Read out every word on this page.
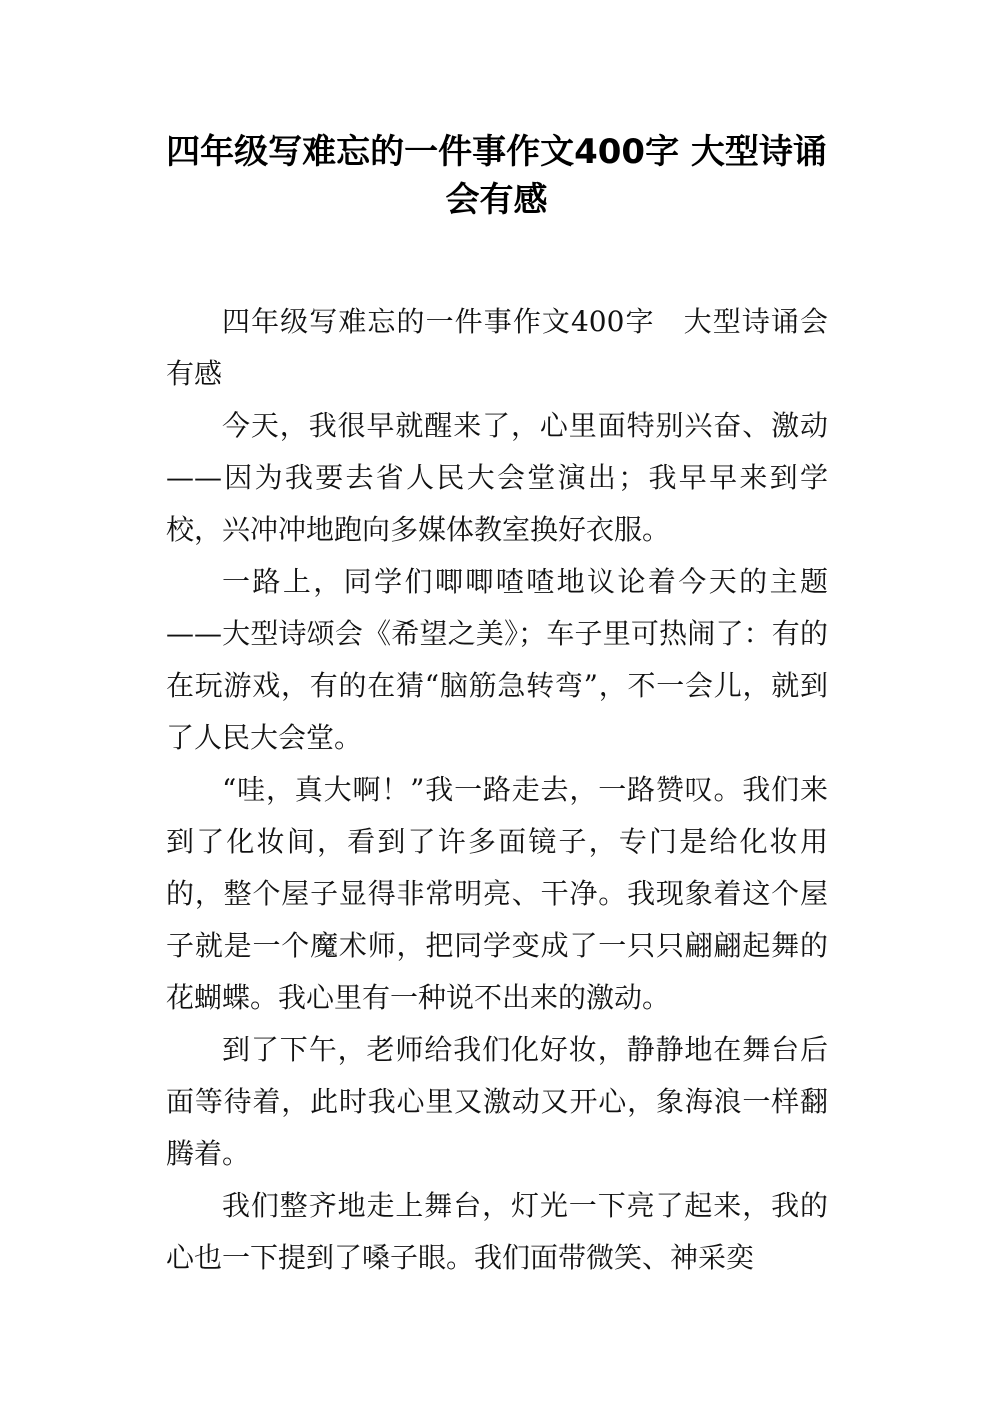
四年级写难忘的一件事作文400字 大型诗诵会有感

四年级写难忘的一件事作文400字　大型诗诵会有感

今天，我很早就醒来了，心里面特别兴奋、激动——因为我要去省人民大会堂演出；我早早来到学校，兴冲冲地跑向多媒体教室换好衣服。

一路上，同学们唧唧喳喳地议论着今天的主题——大型诗颂会《希望之美》；车子里可热闹了：有的在玩游戏，有的在猜“脑筋急转弯”，不一会儿，就到了人民大会堂。

“哇，真大啊！”我一路走去，一路赞叹。我们来到了化妆间，看到了许多面镜子，专门是给化妆用的，整个屋子显得非常明亮、干净。我现象着这个屋子就是一个魔术师，把同学变成了一只只翩翩起舞的花蝴蝶。我心里有一种说不出来的激动。

到了下午，老师给我们化好妆，静静地在舞台后面等待着，此时我心里又激动又开心，象海浪一样翻腾着。

我们整齐地走上舞台，灯光一下亮了起来，我的心也一下提到了嗓子眼。我们面带微笑、神采奕
